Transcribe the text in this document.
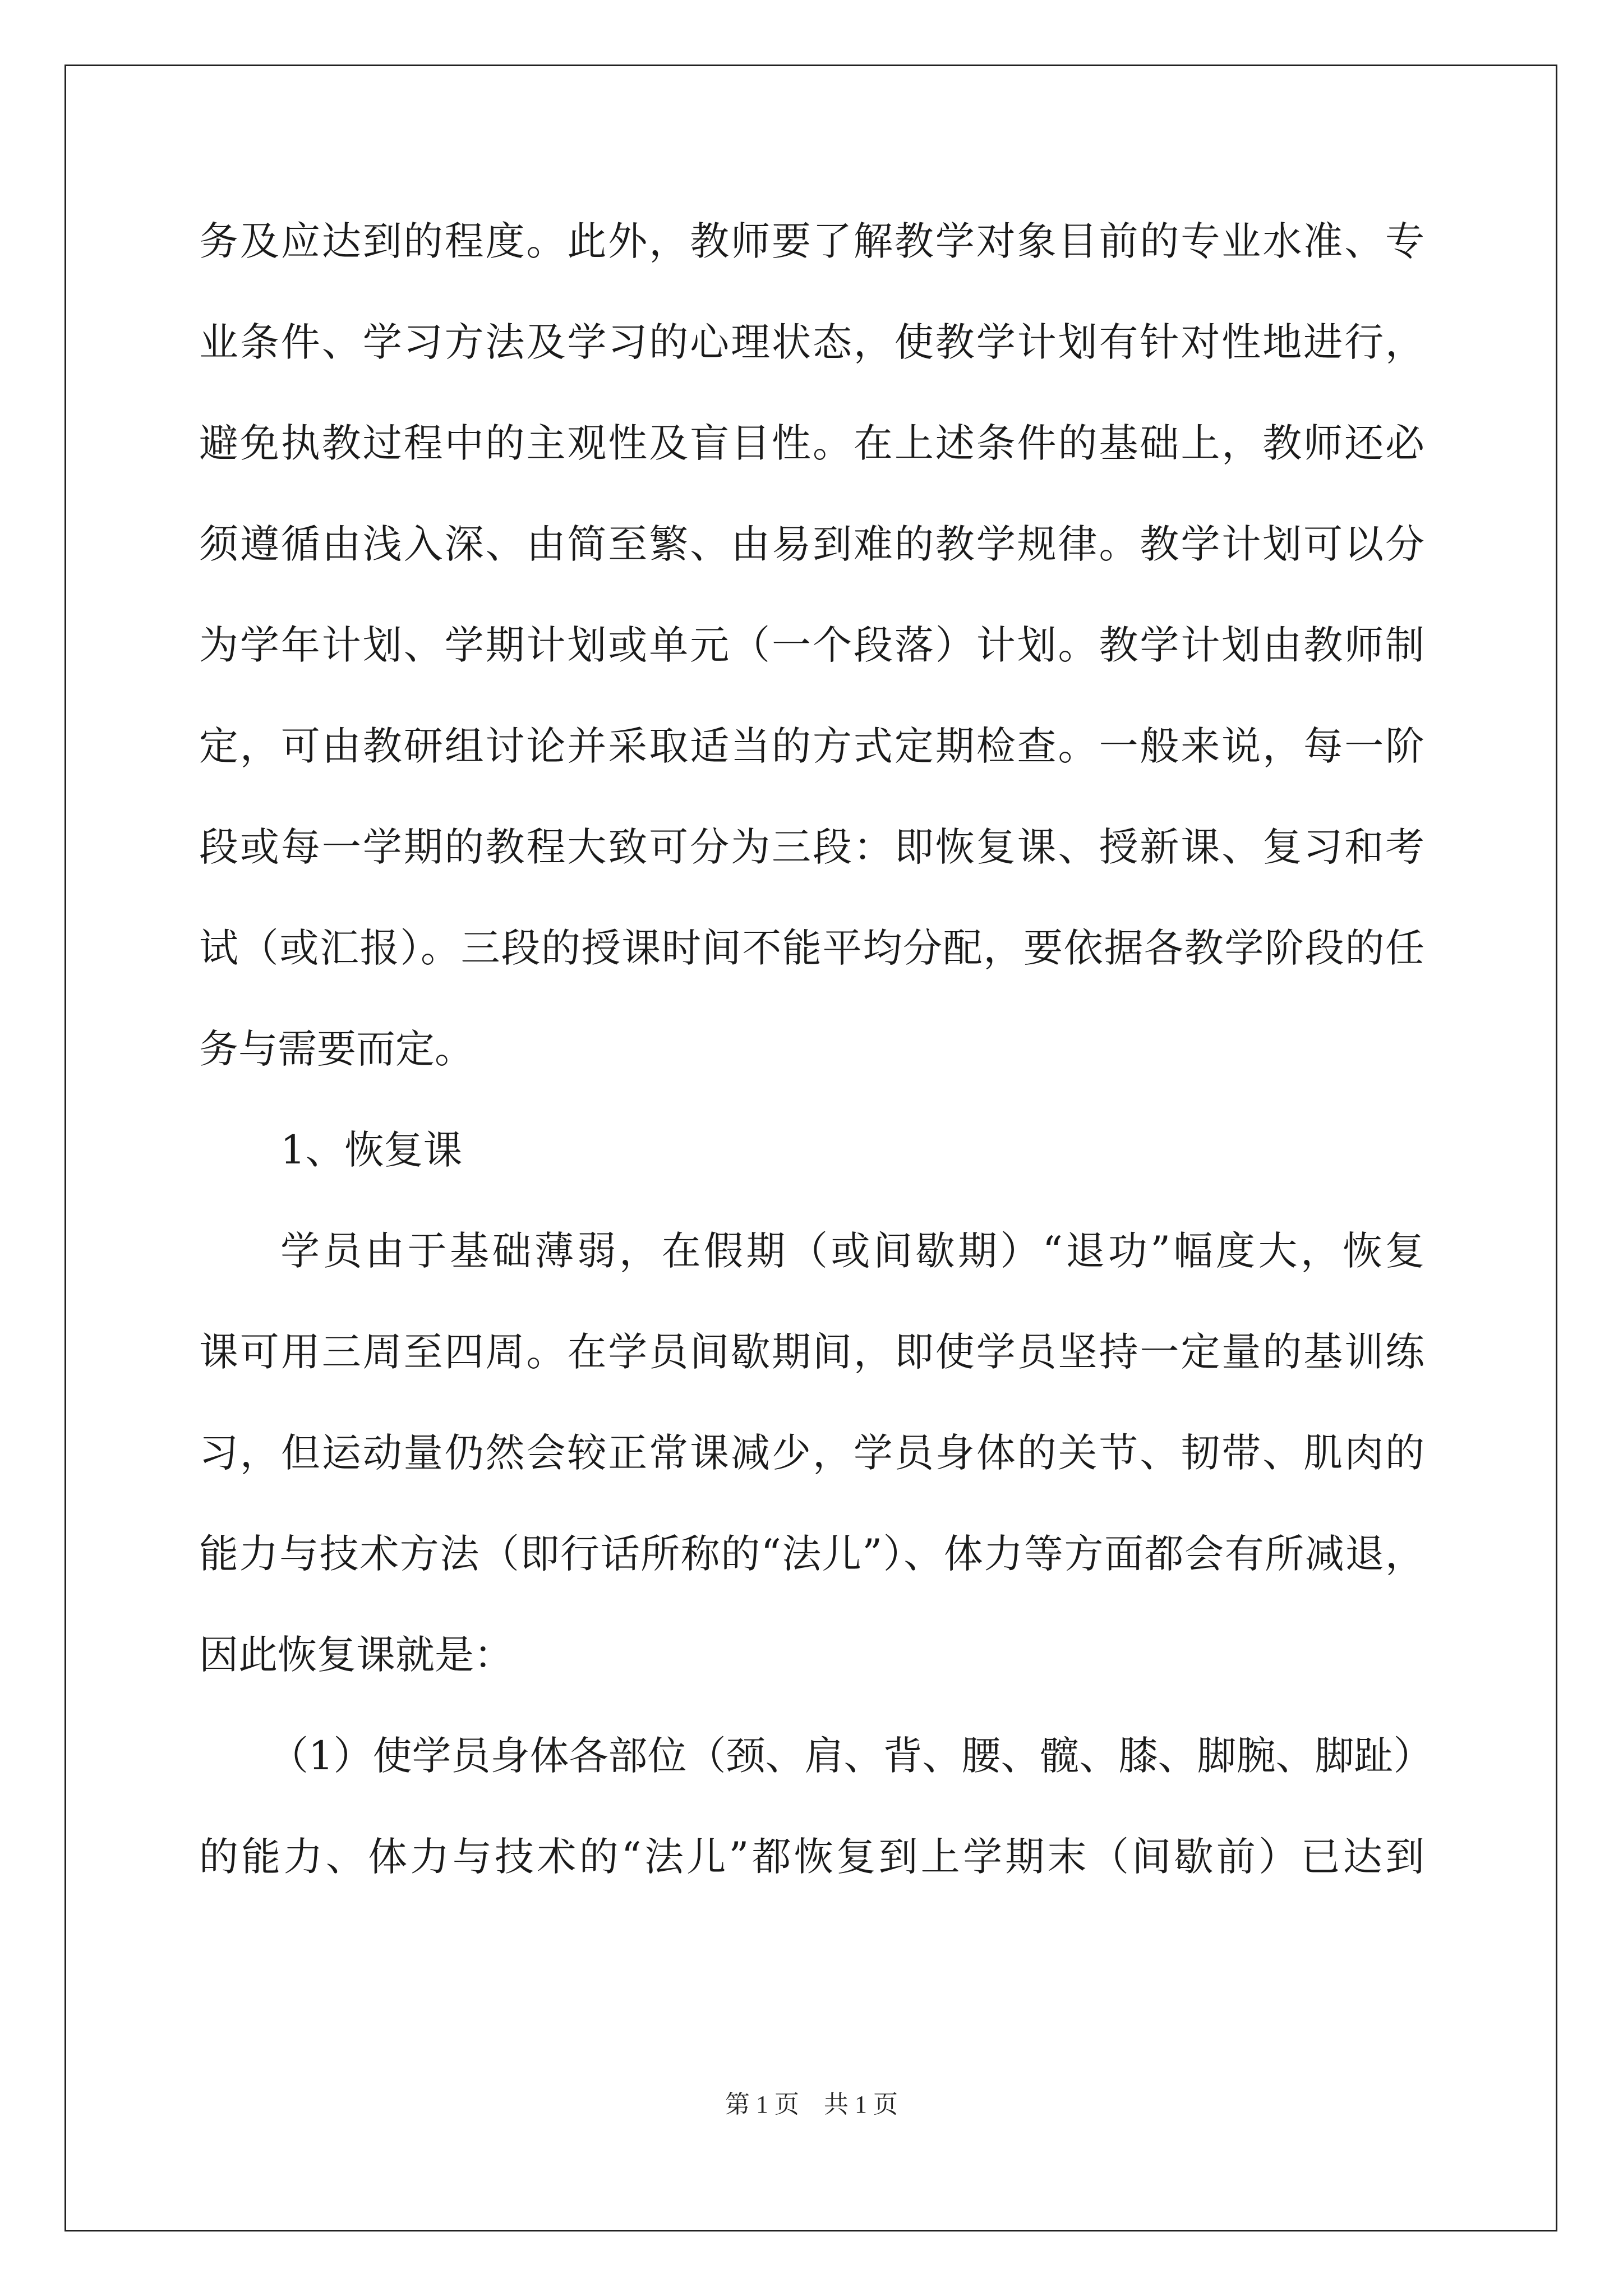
务及应达到的程度。此外，教师要了解教学对象目前的专业水准、专
业条件、学习方法及学习的心理状态，使教学计划有针对性地进行，
避免执教过程中的主观性及盲目性。在上述条件的基础上，教师还必
须遵循由浅入深、由简至繁、由易到难的教学规律。教学计划可以分
为学年计划、学期计划或单元（一个段落）计划。教学计划由教师制
定，可由教研组讨论并采取适当的方式定期检查。一般来说，每一阶
段或每一学期的教程大致可分为三段：即恢复课、授新课、复习和考
试（或汇报）。三段的授课时间不能平均分配，要依据各教学阶段的任
务与需要而定。
1、恢复课
学员由于基础薄弱，在假期（或间歇期）“退功”幅度大，恢复
课可用三周至四周。在学员间歇期间，即使学员坚持一定量的基训练
习，但运动量仍然会较正常课减少，学员身体的关节、韧带、肌肉的
能力与技术方法（即行话所称的“法儿”）、体力等方面都会有所减退，
因此恢复课就是：
（1）使学员身体各部位（颈、肩、背、腰、髋、膝、脚腕、脚趾）
的能力、体力与技术的“法儿”都恢复到上学期末（间歇前）已达到
第 1 页    共 1 页
